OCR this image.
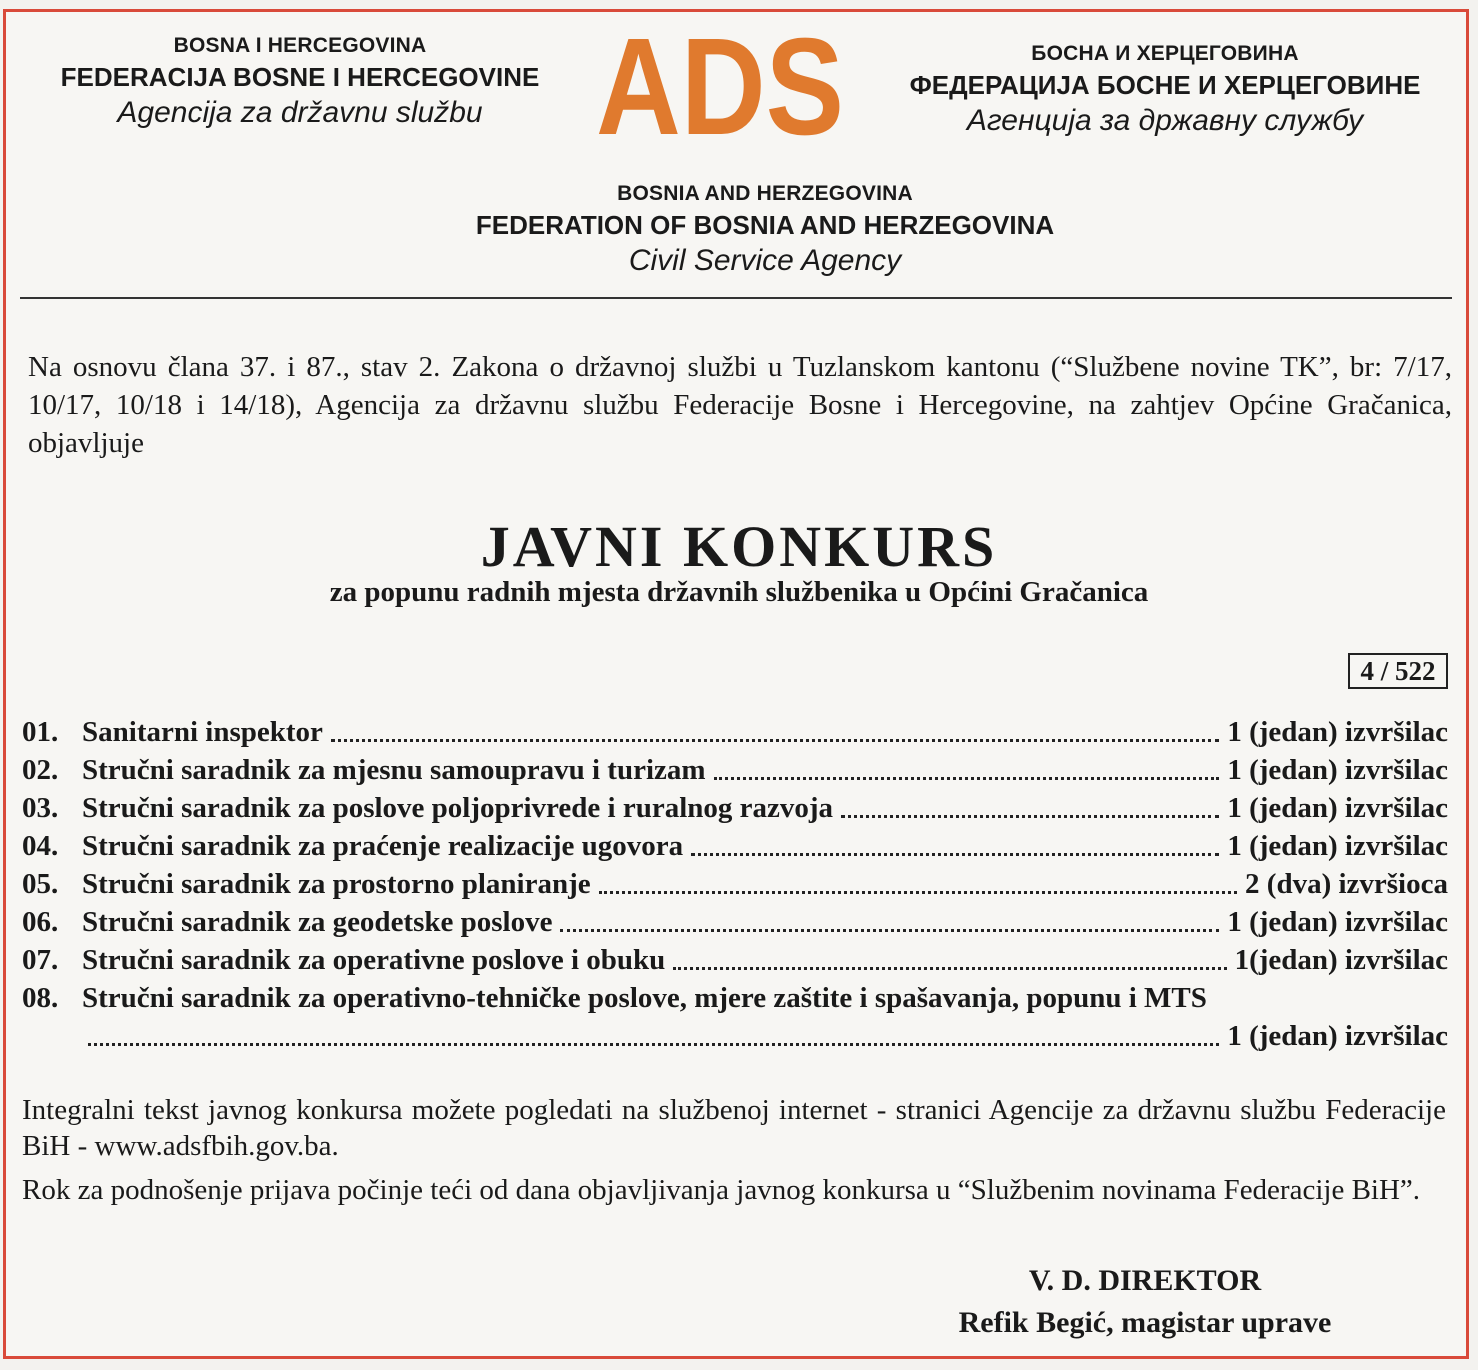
BOSNA I HERCEGOVINA
FEDERACIJA BOSNE I HERCEGOVINE
Agencija za državnu službu ADS	БОСНА И ХЕРЦЕГОВИНА
ФЕДЕРАЦИЈА БОСНЕ И ХЕРЦЕГОВИНЕ
Агенција за државну службу
BOSNIA AND HERZEGOVINA
FEDERATION OF BOSNIA AND HERZEGOVINA
Civil Service Agency
Na osnovu člana 37. i 87., stav 2. Zakona o državnoj službi u Tuzlanskom kantonu (“Službene novine TK”, br: 7/17, 10/17, 10/18 i 14/18), Agencija za državnu službu Federacije Bosne i Hercegovine, na zahtjev Općine Gračanica, objavljuje
JAVNI KONKURS
za popunu radnih mjesta državnih službenika u Općini Gračanica
4 / 522
01. Sanitarni inspektor	1 (jedan) izvršilac
02. Stručni saradnik za mjesnu samoupravu i turizam	1 (jedan) izvršilac
03. Stručni saradnik za poslove poljoprivrede i ruralnog razvoja	1 (jedan) izvršilac
04. Stručni saradnik za praćenje realizacije ugovora	1 (jedan) izvršilac
05. Stručni saradnik za prostorno planiranje	2 (dva) izvršioca
06. Stručni saradnik za geodetske poslove	1 (jedan) izvršilac
07. Stručni saradnik za operativne poslove i obuku	1(jedan) izvršilac
08. Stručni saradnik za operativno-tehničke poslove, mjere zaštite i spašavanja, popunu i MTS
1 (jedan) izvršilac

Integralni tekst javnog konkursa možete pogledati na službenoj internet - stranici Agencije za državnu službu Federacije BiH - www.adsfbih.gov.ba.

Rok za podnošenje prijava počinje teći od dana objavljivanja javnog konkursa u “Službenim novinama Federacije BiH”.

V. D. DIREKTOR
Refik Begić, magistar uprave
